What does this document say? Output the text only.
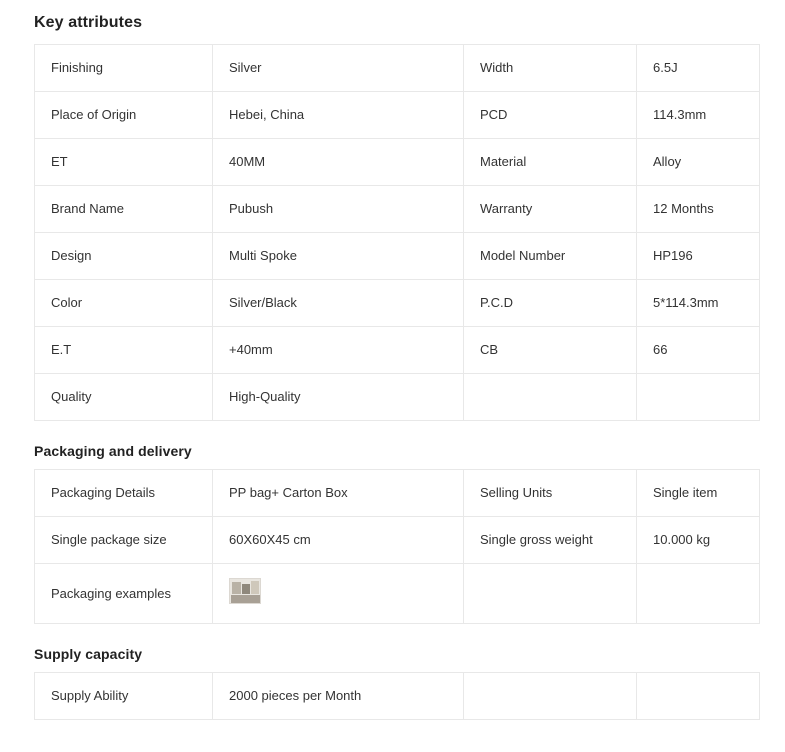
Key attributes
Finishing	Silver	Width	6.5J
Place of Origin	Hebei, China	PCD	114.3mm
ET	40MM	Material	Alloy
Brand Name	Pubush	Warranty	12 Months
Design	Multi Spoke	Model Number	HP196
Color	Silver/Black	P.C.D	5*114.3mm
E.T	+40mm	CB	66
Quality	High-Quality		
Packaging and delivery
Packaging Details	PP bag+ Carton Box	Selling Units	Single item
Single package size	60X60X45 cm	Single gross weight	10.000 kg
Packaging examples	

Supply capacity
Supply Ability	2000 pieces per Month		
